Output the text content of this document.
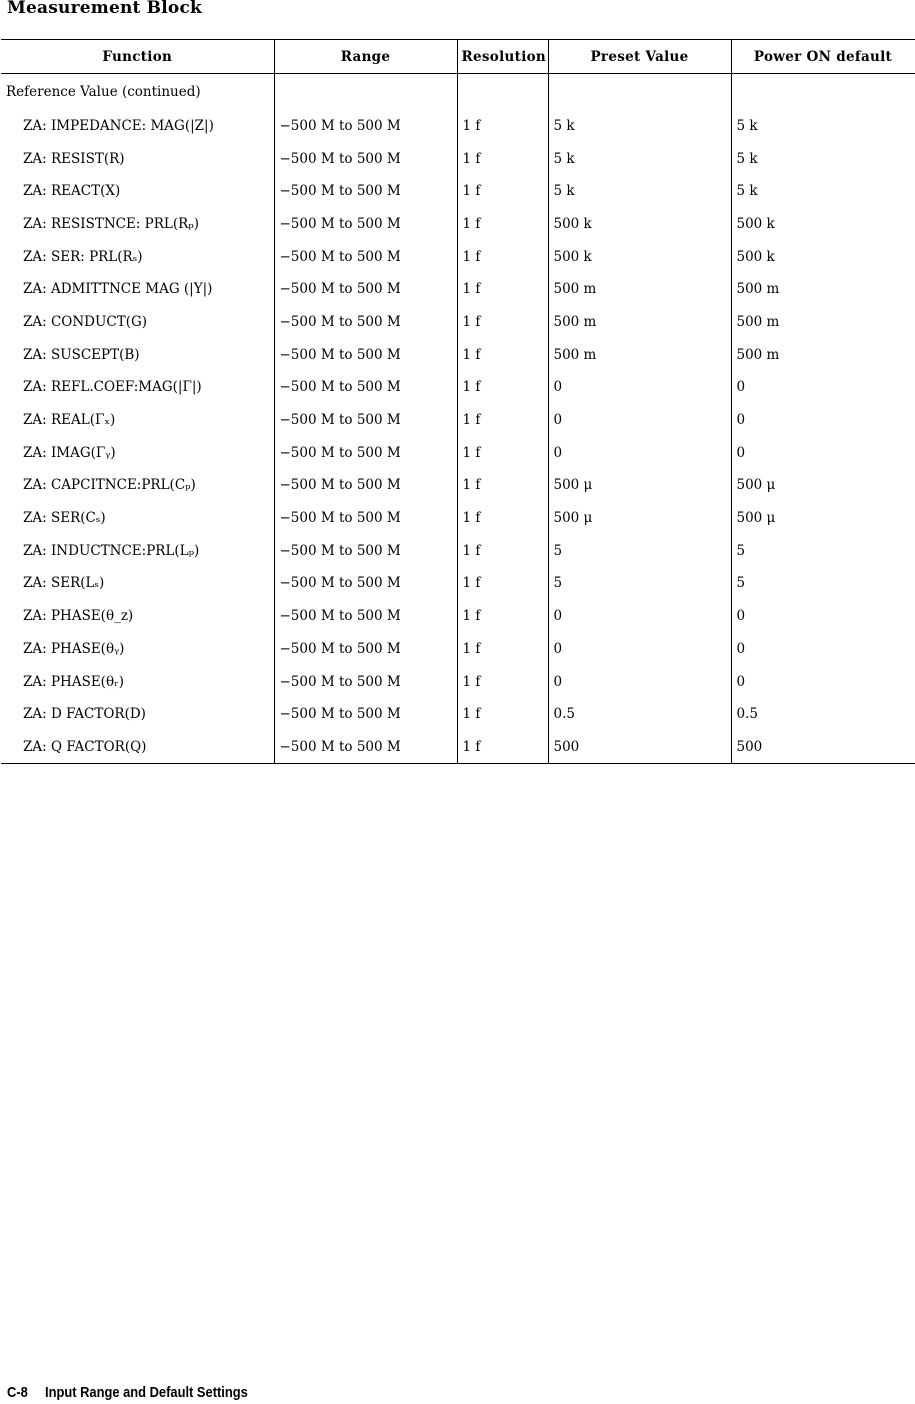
Measurement Block
Function	Range	Resolution	Preset Value	Power ON default
Reference Value (continued)				
ZA: IMPEDANCE: MAG(|Z|)	−500 M to 500 M	1 f	5 k	5 k
ZA: RESIST(R)	−500 M to 500 M	1 f	5 k	5 k
ZA: REACT(X)	−500 M to 500 M	1 f	5 k	5 k
ZA: RESISTNCE: PRL(Rₚ)	−500 M to 500 M	1 f	500 k	500 k
ZA: SER: PRL(Rₛ)	−500 M to 500 M	1 f	500 k	500 k
ZA: ADMITTNCE MAG (|Y|)	−500 M to 500 M	1 f	500 m	500 m
ZA: CONDUCT(G)	−500 M to 500 M	1 f	500 m	500 m
ZA: SUSCEPT(B)	−500 M to 500 M	1 f	500 m	500 m
ZA: REFL.COEF:MAG(|Γ|)	−500 M to 500 M	1 f	0	0
ZA: REAL(Γₓ)	−500 M to 500 M	1 f	0	0
ZA: IMAG(Γᵧ)	−500 M to 500 M	1 f	0	0
ZA: CAPCITNCE:PRL(Cₚ)	−500 M to 500 M	1 f	500 μ	500 μ
ZA: SER(Cₛ)	−500 M to 500 M	1 f	500 μ	500 μ
ZA: INDUCTNCE:PRL(Lₚ)	−500 M to 500 M	1 f	5	5
ZA: SER(Lₛ)	−500 M to 500 M	1 f	5	5
ZA: PHASE(θ_z)	−500 M to 500 M	1 f	0	0
ZA: PHASE(θᵧ)	−500 M to 500 M	1 f	0	0
ZA: PHASE(θᵣ)	−500 M to 500 M	1 f	0	0
ZA: D FACTOR(D)	−500 M to 500 M	1 f	0.5	0.5
ZA: Q FACTOR(Q)	−500 M to 500 M	1 f	500	500
C-8 Input Range and Default Settings
